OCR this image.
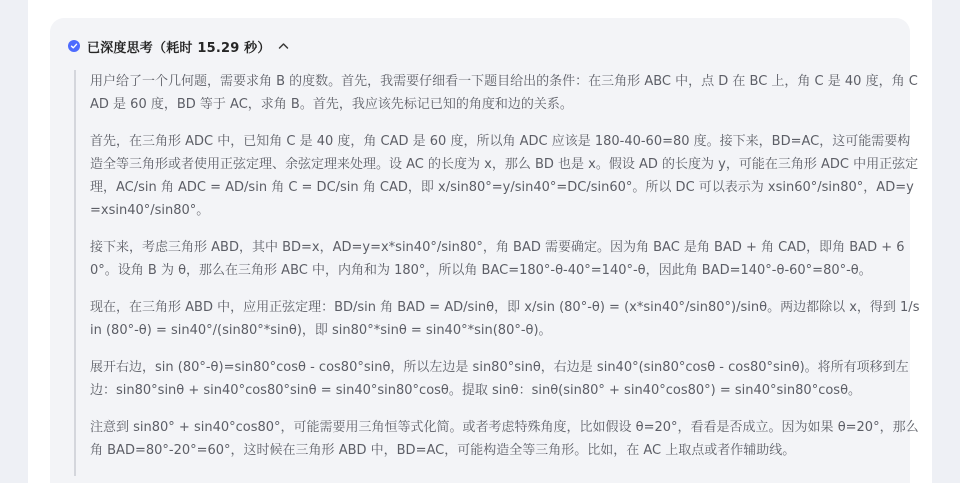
已深度思考（耗时 15.29 秒）

用户给了一个几何题，需要求角 B 的度数。首先，我需要仔细看一下题目给出的条件：在三角形 ABC 中，点 D 在 BC 上，角 C 是 40 度，角 CAD 是 60 度，BD 等于 AC，求角 B。首先，我应该先标记已知的角度和边的关系。

首先，在三角形 ADC 中，已知角 C 是 40 度，角 CAD 是 60 度，所以角 ADC 应该是 180-40-60=80 度。接下来，BD=AC，这可能需要构造全等三角形或者使用正弦定理、余弦定理来处理。设 AC 的长度为 x，那么 BD 也是 x。假设 AD 的长度为 y，可能在三角形 ADC 中用正弦定理，AC/sin 角 ADC = AD/sin 角 C = DC/sin 角 CAD，即 x/sin80°=y/sin40°=DC/sin60°。所以 DC 可以表示为 xsin60°/sin80°，AD=y=xsin40°/sin80°。

接下来，考虑三角形 ABD，其中 BD=x，AD=y=x*sin40°/sin80°，角 BAD 需要确定。因为角 BAC 是角 BAD + 角 CAD，即角 BAD + 60°。设角 B 为 θ，那么在三角形 ABC 中，内角和为 180°，所以角 BAC=180°-θ-40°=140°-θ，因此角 BAD=140°-θ-60°=80°-θ。

现在，在三角形 ABD 中，应用正弦定理：BD/sin 角 BAD = AD/sinθ，即 x/sin (80°-θ) = (x*sin40°/sin80°)/sinθ。两边都除以 x，得到 1/sin (80°-θ) = sin40°/(sin80°*sinθ)，即 sin80°*sinθ = sin40°*sin(80°-θ)。

展开右边，sin (80°-θ)=sin80°cosθ - cos80°sinθ，所以左边是 sin80°sinθ，右边是 sin40°(sin80°cosθ - cos80°sinθ)。将所有项移到左边：sin80°sinθ + sin40°cos80°sinθ = sin40°sin80°cosθ。提取 sinθ：sinθ(sin80° + sin40°cos80°) = sin40°sin80°cosθ。

注意到 sin80° + sin40°cos80°，可能需要用三角恒等式化简。或者考虑特殊角度，比如假设 θ=20°，看看是否成立。因为如果 θ=20°，那么角 BAD=80°-20°=60°，这时候在三角形 ABD 中，BD=AC，可能构造全等三角形。比如，在 AC 上取点或者作辅助线。
